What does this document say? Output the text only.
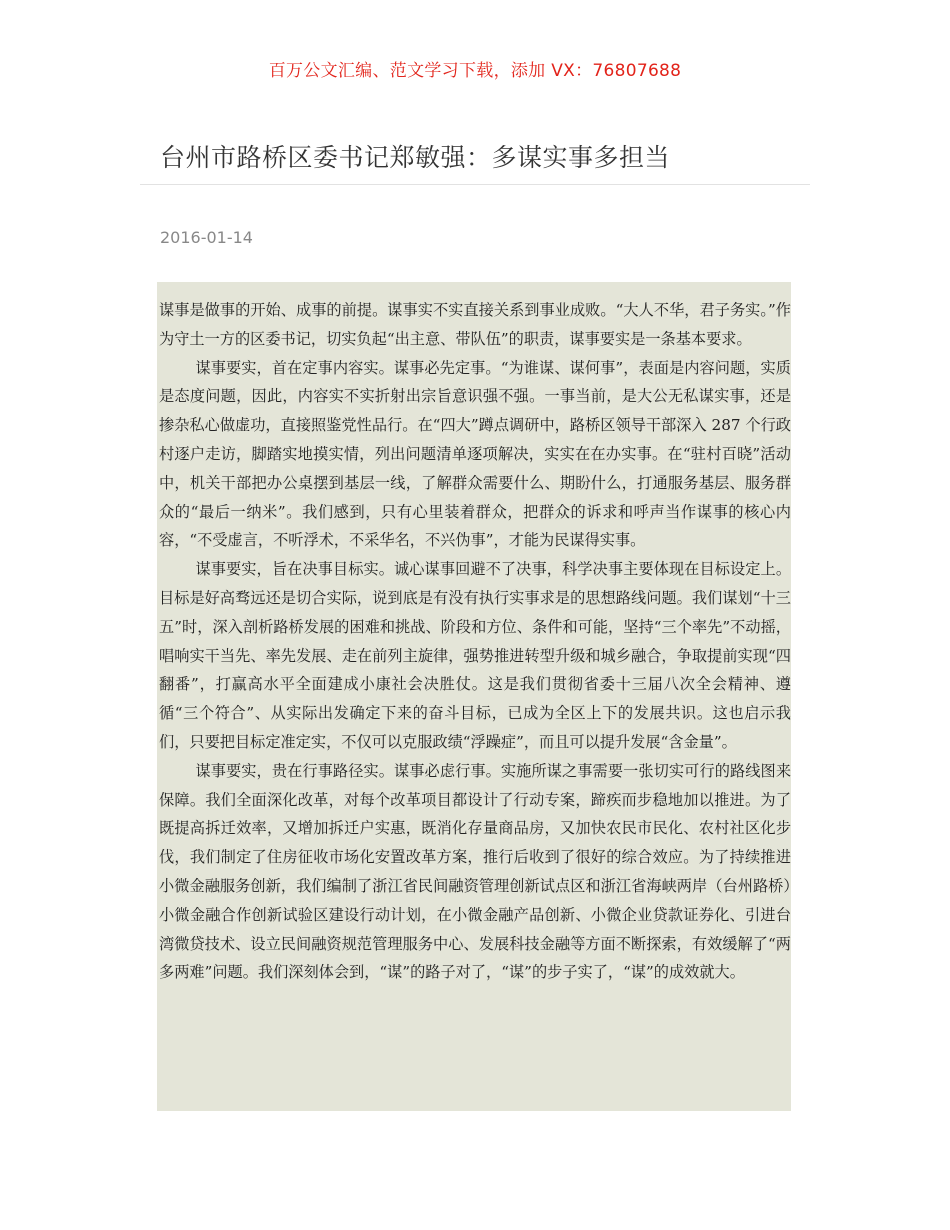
百万公文汇编、范文学习下载，添加 VX：76807688
台州市路桥区委书记郑敏强：多谋实事多担当
2016-01-14

谋事是做事的开始、成事的前提。谋事实不实直接关系到事业成败。“大人不华，君子务实。”作为守土一方的区委书记，切实负起“出主意、带队伍”的职责，谋事要实是一条基本要求。

谋事要实，首在定事内容实。谋事必先定事。“为谁谋、谋何事”，表面是内容问题，实质是态度问题，因此，内容实不实折射出宗旨意识强不强。一事当前，是大公无私谋实事，还是掺杂私心做虚功，直接照鉴党性品行。在“四大”蹲点调研中，路桥区领导干部深入 287 个行政村逐户走访，脚踏实地摸实情，列出问题清单逐项解决，实实在在办实事。在“驻村百晓”活动中，机关干部把办公桌摆到基层一线，了解群众需要什么、期盼什么，打通服务基层、服务群众的“最后一纳米”。我们感到，只有心里装着群众，把群众的诉求和呼声当作谋事的核心内容，“不受虚言，不听浮术，不采华名，不兴伪事”，才能为民谋得实事。

谋事要实，旨在决事目标实。诚心谋事回避不了决事，科学决事主要体现在目标设定上。目标是好高骛远还是切合实际，说到底是有没有执行实事求是的思想路线问题。我们谋划“十三五”时，深入剖析路桥发展的困难和挑战、阶段和方位、条件和可能，坚持“三个率先”不动摇，唱响实干当先、率先发展、走在前列主旋律，强势推进转型升级和城乡融合，争取提前实现“四翻番”，打赢高水平全面建成小康社会决胜仗。这是我们贯彻省委十三届八次全会精神、遵循“三个符合”、从实际出发确定下来的奋斗目标，已成为全区上下的发展共识。这也启示我们，只要把目标定准定实，不仅可以克服政绩“浮躁症”，而且可以提升发展“含金量”。

谋事要实，贵在行事路径实。谋事必虑行事。实施所谋之事需要一张切实可行的路线图来保障。我们全面深化改革，对每个改革项目都设计了行动专案，蹄疾而步稳地加以推进。为了既提高拆迁效率，又增加拆迁户实惠，既消化存量商品房，又加快农民市民化、农村社区化步伐，我们制定了住房征收市场化安置改革方案，推行后收到了很好的综合效应。为了持续推进小微金融服务创新，我们编制了浙江省民间融资管理创新试点区和浙江省海峡两岸（台州路桥）小微金融合作创新试验区建设行动计划，在小微金融产品创新、小微企业贷款证券化、引进台湾微贷技术、设立民间融资规范管理服务中心、发展科技金融等方面不断探索，有效缓解了“两多两难”问题。我们深刻体会到，“谋”的路子对了，“谋”的步子实了，“谋”的成效就大。
